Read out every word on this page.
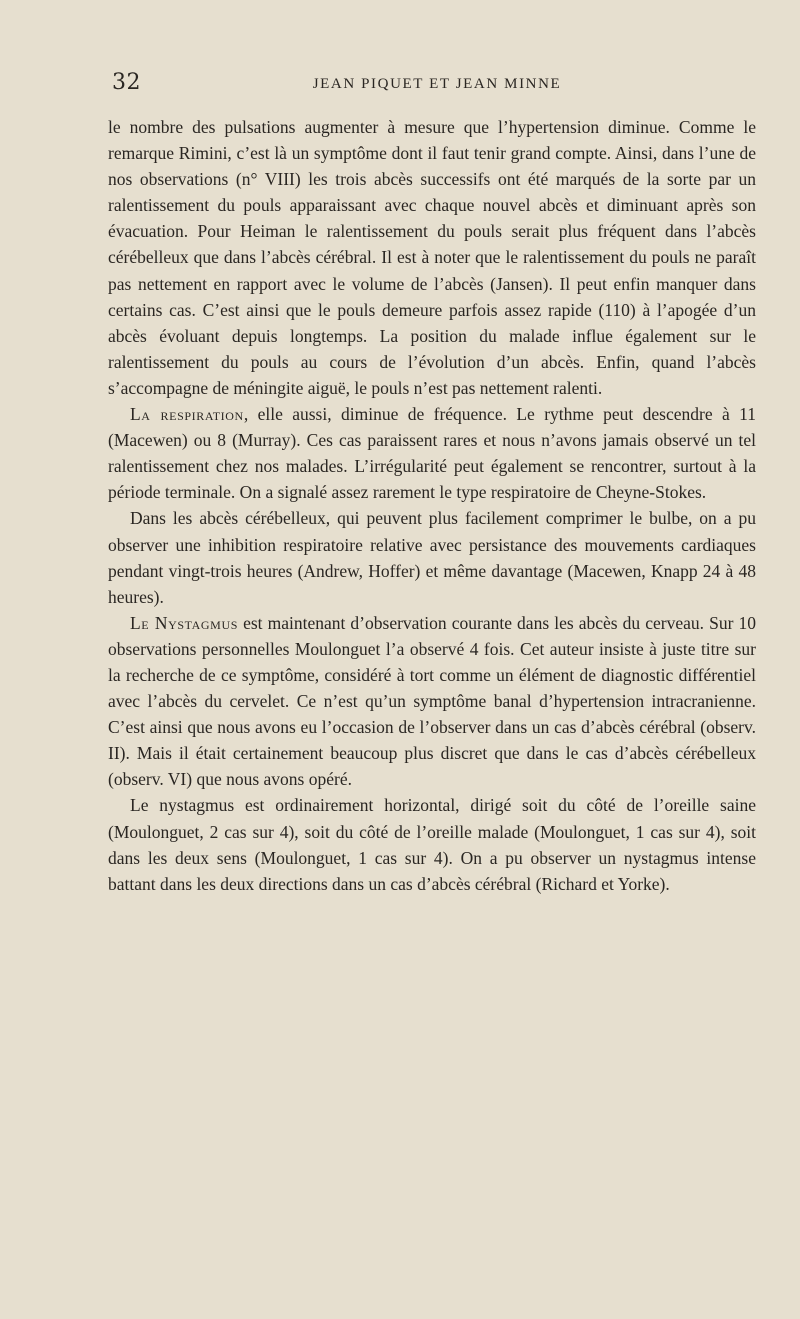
32	JEAN PIQUET ET JEAN MINNE

le nombre des pulsations augmenter à mesure que l’hypertension diminue. Comme le remarque Rimini, c’est là un symptôme dont il faut tenir grand compte. Ainsi, dans l’une de nos observations (n° VIII) les trois abcès successifs ont été marqués de la sorte par un ralentissement du pouls apparaissant avec chaque nouvel abcès et diminuant après son évacuation. Pour Heiman le ralentissement du pouls serait plus fréquent dans l’abcès cérébelleux que dans l’abcès cérébral. Il est à noter que le ralentissement du pouls ne paraît pas nettement en rapport avec le volume de l’abcès (Jansen). Il peut enfin manquer dans certains cas. C’est ainsi que le pouls demeure parfois assez rapide (110) à l’apogée d’un abcès évoluant depuis longtemps. La position du malade influe également sur le ralentissement du pouls au cours de l’évolution d’un abcès. Enfin, quand l’abcès s’accompagne de méningite aiguë, le pouls n’est pas nettement ralenti.

La respiration, elle aussi, diminue de fréquence. Le rythme peut descendre à 11 (Macewen) ou 8 (Murray). Ces cas paraissent rares et nous n’avons jamais observé un tel ralentissement chez nos malades. L’irrégularité peut également se rencontrer, surtout à la période terminale. On a signalé assez rarement le type respiratoire de Cheyne-Stokes.

Dans les abcès cérébelleux, qui peuvent plus facilement comprimer le bulbe, on a pu observer une inhibition respiratoire relative avec persistance des mouvements cardiaques pendant vingt-trois heures (Andrew, Hoffer) et même davantage (Macewen, Knapp 24 à 48 heures).

Le Nystagmus est maintenant d’observation courante dans les abcès du cerveau. Sur 10 observations personnelles Moulonguet l’a observé 4 fois. Cet auteur insiste à juste titre sur la recherche de ce symptôme, considéré à tort comme un élément de diagnostic différentiel avec l’abcès du cervelet. Ce n’est qu’un symptôme banal d’hypertension intracranienne. C’est ainsi que nous avons eu l’occasion de l’observer dans un cas d’abcès cérébral (observ. II). Mais il était certainement beaucoup plus discret que dans le cas d’abcès cérébelleux (observ. VI) que nous avons opéré.

Le nystagmus est ordinairement horizontal, dirigé soit du côté de l’oreille saine (Moulonguet, 2 cas sur 4), soit du côté de l’oreille malade (Moulonguet, 1 cas sur 4), soit dans les deux sens (Moulonguet, 1 cas sur 4). On a pu observer un nystagmus intense battant dans les deux directions dans un cas d’abcès cérébral (Richard et Yorke).
